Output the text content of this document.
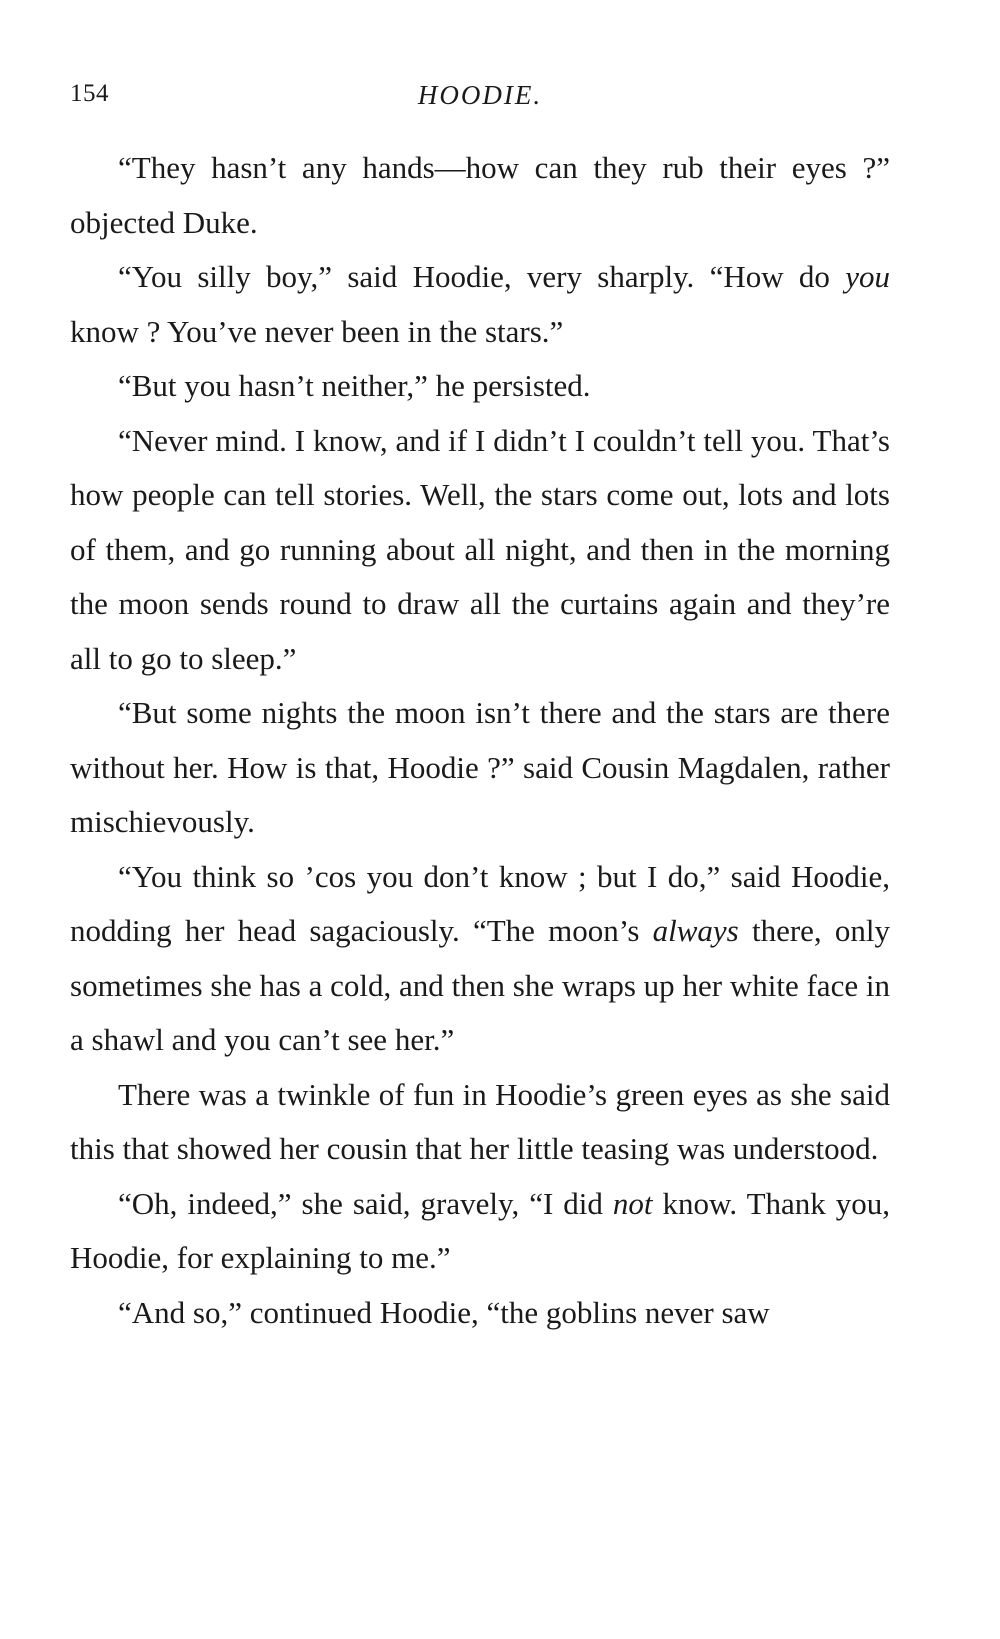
154	HOODIE.

“They hasn’t any hands—how can they rub their eyes ?” objected Duke.

“You silly boy,” said Hoodie, very sharply. “How do you know ? You’ve never been in the stars.”

“But you hasn’t neither,” he persisted.

“Never mind. I know, and if I didn’t I couldn’t tell you. That’s how people can tell stories. Well, the stars come out, lots and lots of them, and go running about all night, and then in the morning the moon sends round to draw all the curtains again and they’re all to go to sleep.”

“But some nights the moon isn’t there and the stars are there without her. How is that, Hoodie ?” said Cousin Magdalen, rather mischievously.

“You think so ’cos you don’t know ; but I do,” said Hoodie, nodding her head sagaciously. “The moon’s always there, only sometimes she has a cold, and then she wraps up her white face in a shawl and you can’t see her.”

There was a twinkle of fun in Hoodie’s green eyes as she said this that showed her cousin that her little teasing was understood.

“Oh, indeed,” she said, gravely, “I did not know. Thank you, Hoodie, for explaining to me.”

“And so,” continued Hoodie, “the goblins never saw
